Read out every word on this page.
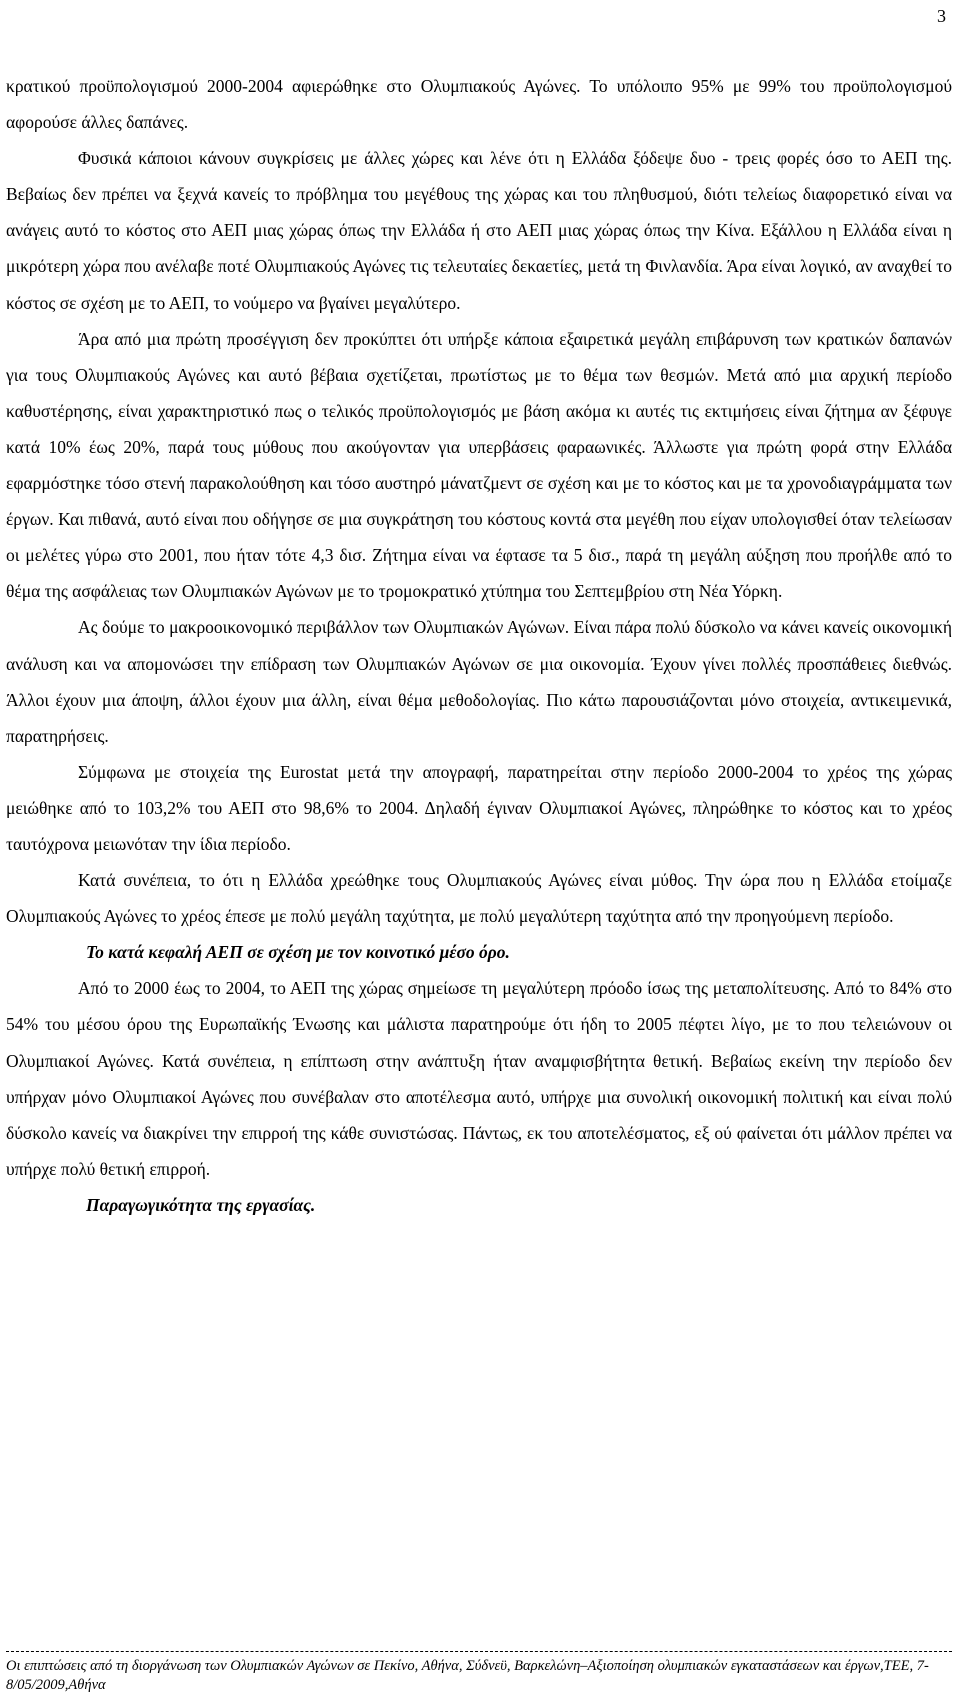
3

κρατικού προϋπολογισμού 2000-2004 αφιερώθηκε στο Ολυμπιακούς Αγώνες. Το υπόλοιπο 95% με 99% του προϋπολογισμού αφορούσε άλλες δαπάνες.

Φυσικά κάποιοι κάνουν συγκρίσεις με άλλες χώρες και λένε ότι η Ελλάδα ξόδεψε δυο - τρεις φορές όσο το ΑΕΠ της. Βεβαίως δεν πρέπει να ξεχνά κανείς το πρόβλημα του μεγέθους της χώρας και του πληθυσμού, διότι τελείως διαφορετικό είναι να ανάγεις αυτό το κόστος στο ΑΕΠ μιας χώρας όπως την Ελλάδα ή στο ΑΕΠ μιας χώρας όπως την Κίνα. Εξάλλου η Ελλάδα είναι η μικρότερη χώρα που ανέλαβε ποτέ Ολυμπιακούς Αγώνες τις τελευταίες δεκαετίες, μετά τη Φινλανδία. Άρα είναι λογικό, αν αναχθεί το κόστος σε σχέση με το ΑΕΠ, το νούμερο να βγαίνει μεγαλύτερο.

Άρα από μια πρώτη προσέγγιση δεν προκύπτει ότι υπήρξε κάποια εξαιρετικά μεγάλη επιβάρυνση των κρατικών δαπανών για τους Ολυμπιακούς Αγώνες και αυτό βέβαια σχετίζεται, πρωτίστως με το θέμα των θεσμών. Μετά από μια αρχική περίοδο καθυστέρησης, είναι χαρακτηριστικό πως ο τελικός προϋπολογισμός με βάση ακόμα κι αυτές τις εκτιμήσεις είναι ζήτημα αν ξέφυγε κατά 10% έως 20%, παρά τους μύθους που ακούγονταν για υπερβάσεις φαραωνικές. Άλλωστε για πρώτη φορά στην Ελλάδα εφαρμόστηκε τόσο στενή παρακολούθηση και τόσο αυστηρό μάνατζμεντ σε σχέση και με το κόστος και με τα χρονοδιαγράμματα των έργων. Και πιθανά, αυτό είναι που οδήγησε σε μια συγκράτηση του κόστους κοντά στα μεγέθη που είχαν υπολογισθεί όταν τελείωσαν οι μελέτες γύρω στο 2001, που ήταν τότε 4,3 δισ. Ζήτημα είναι να έφτασε τα 5 δισ., παρά τη μεγάλη αύξηση που προήλθε από το θέμα της ασφάλειας των Ολυμπιακών Αγώνων με το τρομοκρατικό χτύπημα του Σεπτεμβρίου στη Νέα Υόρκη.

Ας δούμε το μακροοικονομικό περιβάλλον των Ολυμπιακών Αγώνων. Είναι πάρα πολύ δύσκολο να κάνει κανείς οικονομική ανάλυση και να απομονώσει την επίδραση των Ολυμπιακών Αγώνων σε μια οικονομία. Έχουν γίνει πολλές προσπάθειες διεθνώς. Άλλοι έχουν μια άποψη, άλλοι έχουν μια άλλη, είναι θέμα μεθοδολογίας. Πιο κάτω παρουσιάζονται μόνο στοιχεία, αντικειμενικά, παρατηρήσεις.

Σύμφωνα με στοιχεία της Eurostat μετά την απογραφή, παρατηρείται στην περίοδο 2000-2004 το χρέος της χώρας μειώθηκε από το 103,2% του ΑΕΠ στο 98,6% το 2004. Δηλαδή έγιναν Ολυμπιακοί Αγώνες, πληρώθηκε το κόστος και το χρέος ταυτόχρονα μειωνόταν την ίδια περίοδο.

Κατά συνέπεια, το ότι η Ελλάδα χρεώθηκε τους Ολυμπιακούς Αγώνες είναι μύθος. Την ώρα που η Ελλάδα ετοίμαζε Ολυμπιακούς Αγώνες το χρέος έπεσε με πολύ μεγάλη ταχύτητα, με πολύ μεγαλύτερη ταχύτητα από την προηγούμενη περίοδο.

Το κατά κεφαλή ΑΕΠ σε σχέση με τον κοινοτικό μέσο όρο.

Από το 2000 έως το 2004, το ΑΕΠ της χώρας σημείωσε τη μεγαλύτερη πρόοδο ίσως της μεταπολίτευσης. Από το 84% στο 54% του μέσου όρου της Ευρωπαϊκής Ένωσης και μάλιστα παρατηρούμε ότι ήδη το 2005 πέφτει λίγο, με το που τελειώνουν οι Ολυμπιακοί Αγώνες. Κατά συνέπεια, η επίπτωση στην ανάπτυξη ήταν αναμφισβήτητα θετική. Βεβαίως εκείνη την περίοδο δεν υπήρχαν μόνο Ολυμπιακοί Αγώνες που συνέβαλαν στο αποτέλεσμα αυτό, υπήρχε μια συνολική οικονομική πολιτική και είναι πολύ δύσκολο κανείς να διακρίνει την επιρροή της κάθε συνιστώσας. Πάντως, εκ του αποτελέσματος, εξ ού φαίνεται ότι μάλλον πρέπει να υπήρχε πολύ θετική επιρροή.

Παραγωγικότητα της εργασίας.

Οι επιπτώσεις από τη διοργάνωση των Ολυμπιακών Αγώνων σε Πεκίνο, Αθήνα, Σύδνεϋ, Βαρκελώνη–Αξιοποίηση ολυμπιακών εγκαταστάσεων και έργων,ΤΕΕ, 7-8/05/2009,Αθήνα
